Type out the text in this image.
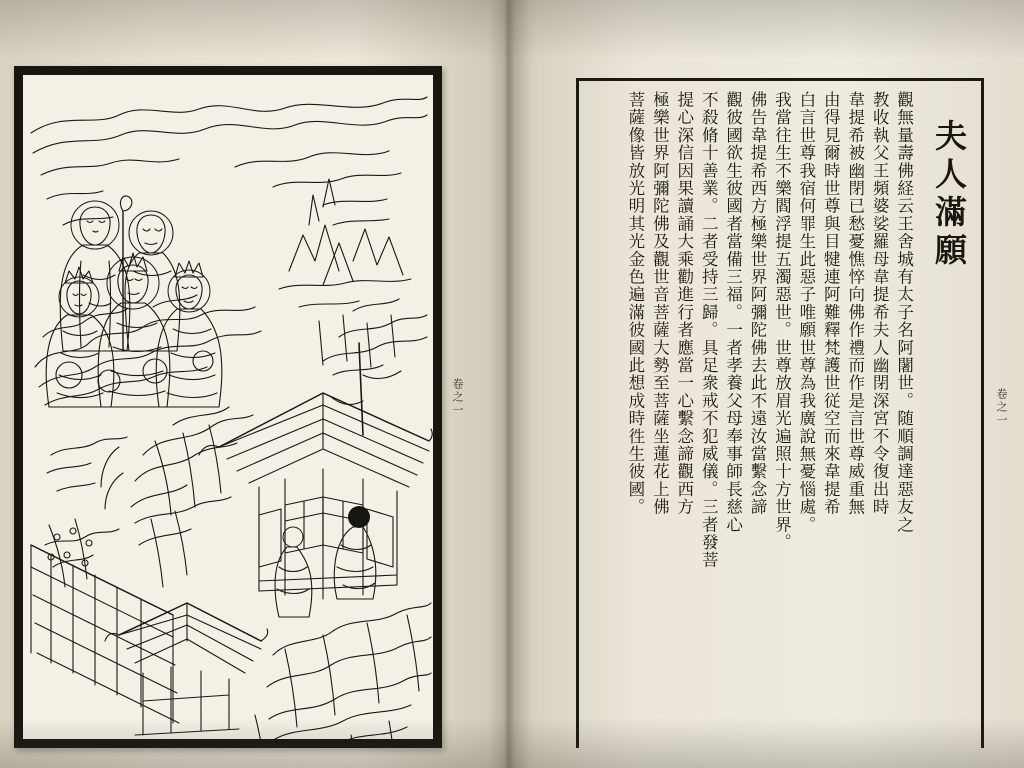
卷之一	卷之一
夫人滿願
觀無量壽佛経云王舍城有太子名阿闍世。随順調達惡友之
教收執父王頻婆娑羅母韋提希夫人幽閉深宮不令復出時
韋提希被幽閉已愁憂憔悴向佛作禮而作是言世尊威重無
由得見爾時世尊與目犍連阿難釋梵護世従空而來韋提希
白言世尊我宿何罪生此惡子唯願世尊為我廣說無憂惱處。
我當往生不樂閻浮提五濁惡世。世尊放眉光遍照十方世界。
佛告韋提希西方極樂世界阿彌陀佛去此不遠汝當繫念諦
觀彼國欲生彼國者當備三福。一者孝養父母奉事師長慈心
不殺脩十善業。二者受持三歸。具足衆戒不犯威儀。三者發菩
提心深信因果讀誦大乘勸進行者應當一心繫念諦觀西方
極樂世界阿彌陀佛及觀世音菩薩大勢至菩薩坐蓮花上佛
菩薩像皆放光明其光金色遍滿彼國此想成時徃生彼國。
